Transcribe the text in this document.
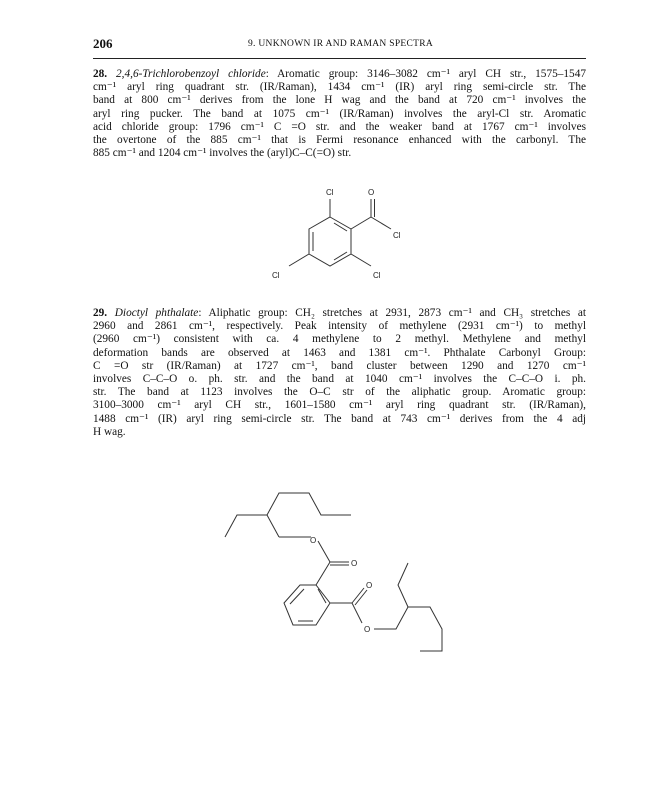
206	9. UNKNOWN IR AND RAMAN SPECTRA
28. 2,4,6-Trichlorobenzoyl chloride: Aromatic group: 3146–3082 cm⁻¹ aryl CH str., 1575–1547
cm⁻¹ aryl ring quadrant str. (IR/Raman), 1434 cm⁻¹ (IR) aryl ring semi-circle str. The
band at 800 cm⁻¹ derives from the lone H wag and the band at 720 cm⁻¹ involves the
aryl ring pucker. The band at 1075 cm⁻¹ (IR/Raman) involves the aryl-Cl str. Aromatic
acid chloride group: 1796 cm⁻¹ C =O str. and the weaker band at 1767 cm⁻¹ involves
the overtone of the 885 cm⁻¹ that is Fermi resonance enhanced with the carbonyl. The
885 cm⁻¹ and 1204 cm⁻¹ involves the (aryl)C–C(=O) str.
Cl	O
Cl
Cl
Cl
29. Dioctyl phthalate: Aliphatic group: CH₂ stretches at 2931, 2873 cm⁻¹ and CH₃ stretches at
2960 and 2861 cm⁻¹, respectively. Peak intensity of methylene (2931 cm⁻¹) to methyl
(2960 cm⁻¹) consistent with ca. 4 methylene to 2 methyl. Methylene and methyl
deformation bands are observed at 1463 and 1381 cm⁻¹. Phthalate Carbonyl Group:
C =O str (IR/Raman) at 1727 cm⁻¹, band cluster between 1290 and 1270 cm⁻¹
involves C–C–O o. ph. str. and the band at 1040 cm⁻¹ involves the C–C–O i. ph.
str. The band at 1123 involves the O–C str of the aliphatic group. Aromatic group:
3100–3000 cm⁻¹ aryl CH str., 1601–1580 cm⁻¹ aryl ring quadrant str. (IR/Raman),
1488 cm⁻¹ (IR) aryl ring semi-circle str. The band at 743 cm⁻¹ derives from the 4 adj
H wag.
O
O
O
O
